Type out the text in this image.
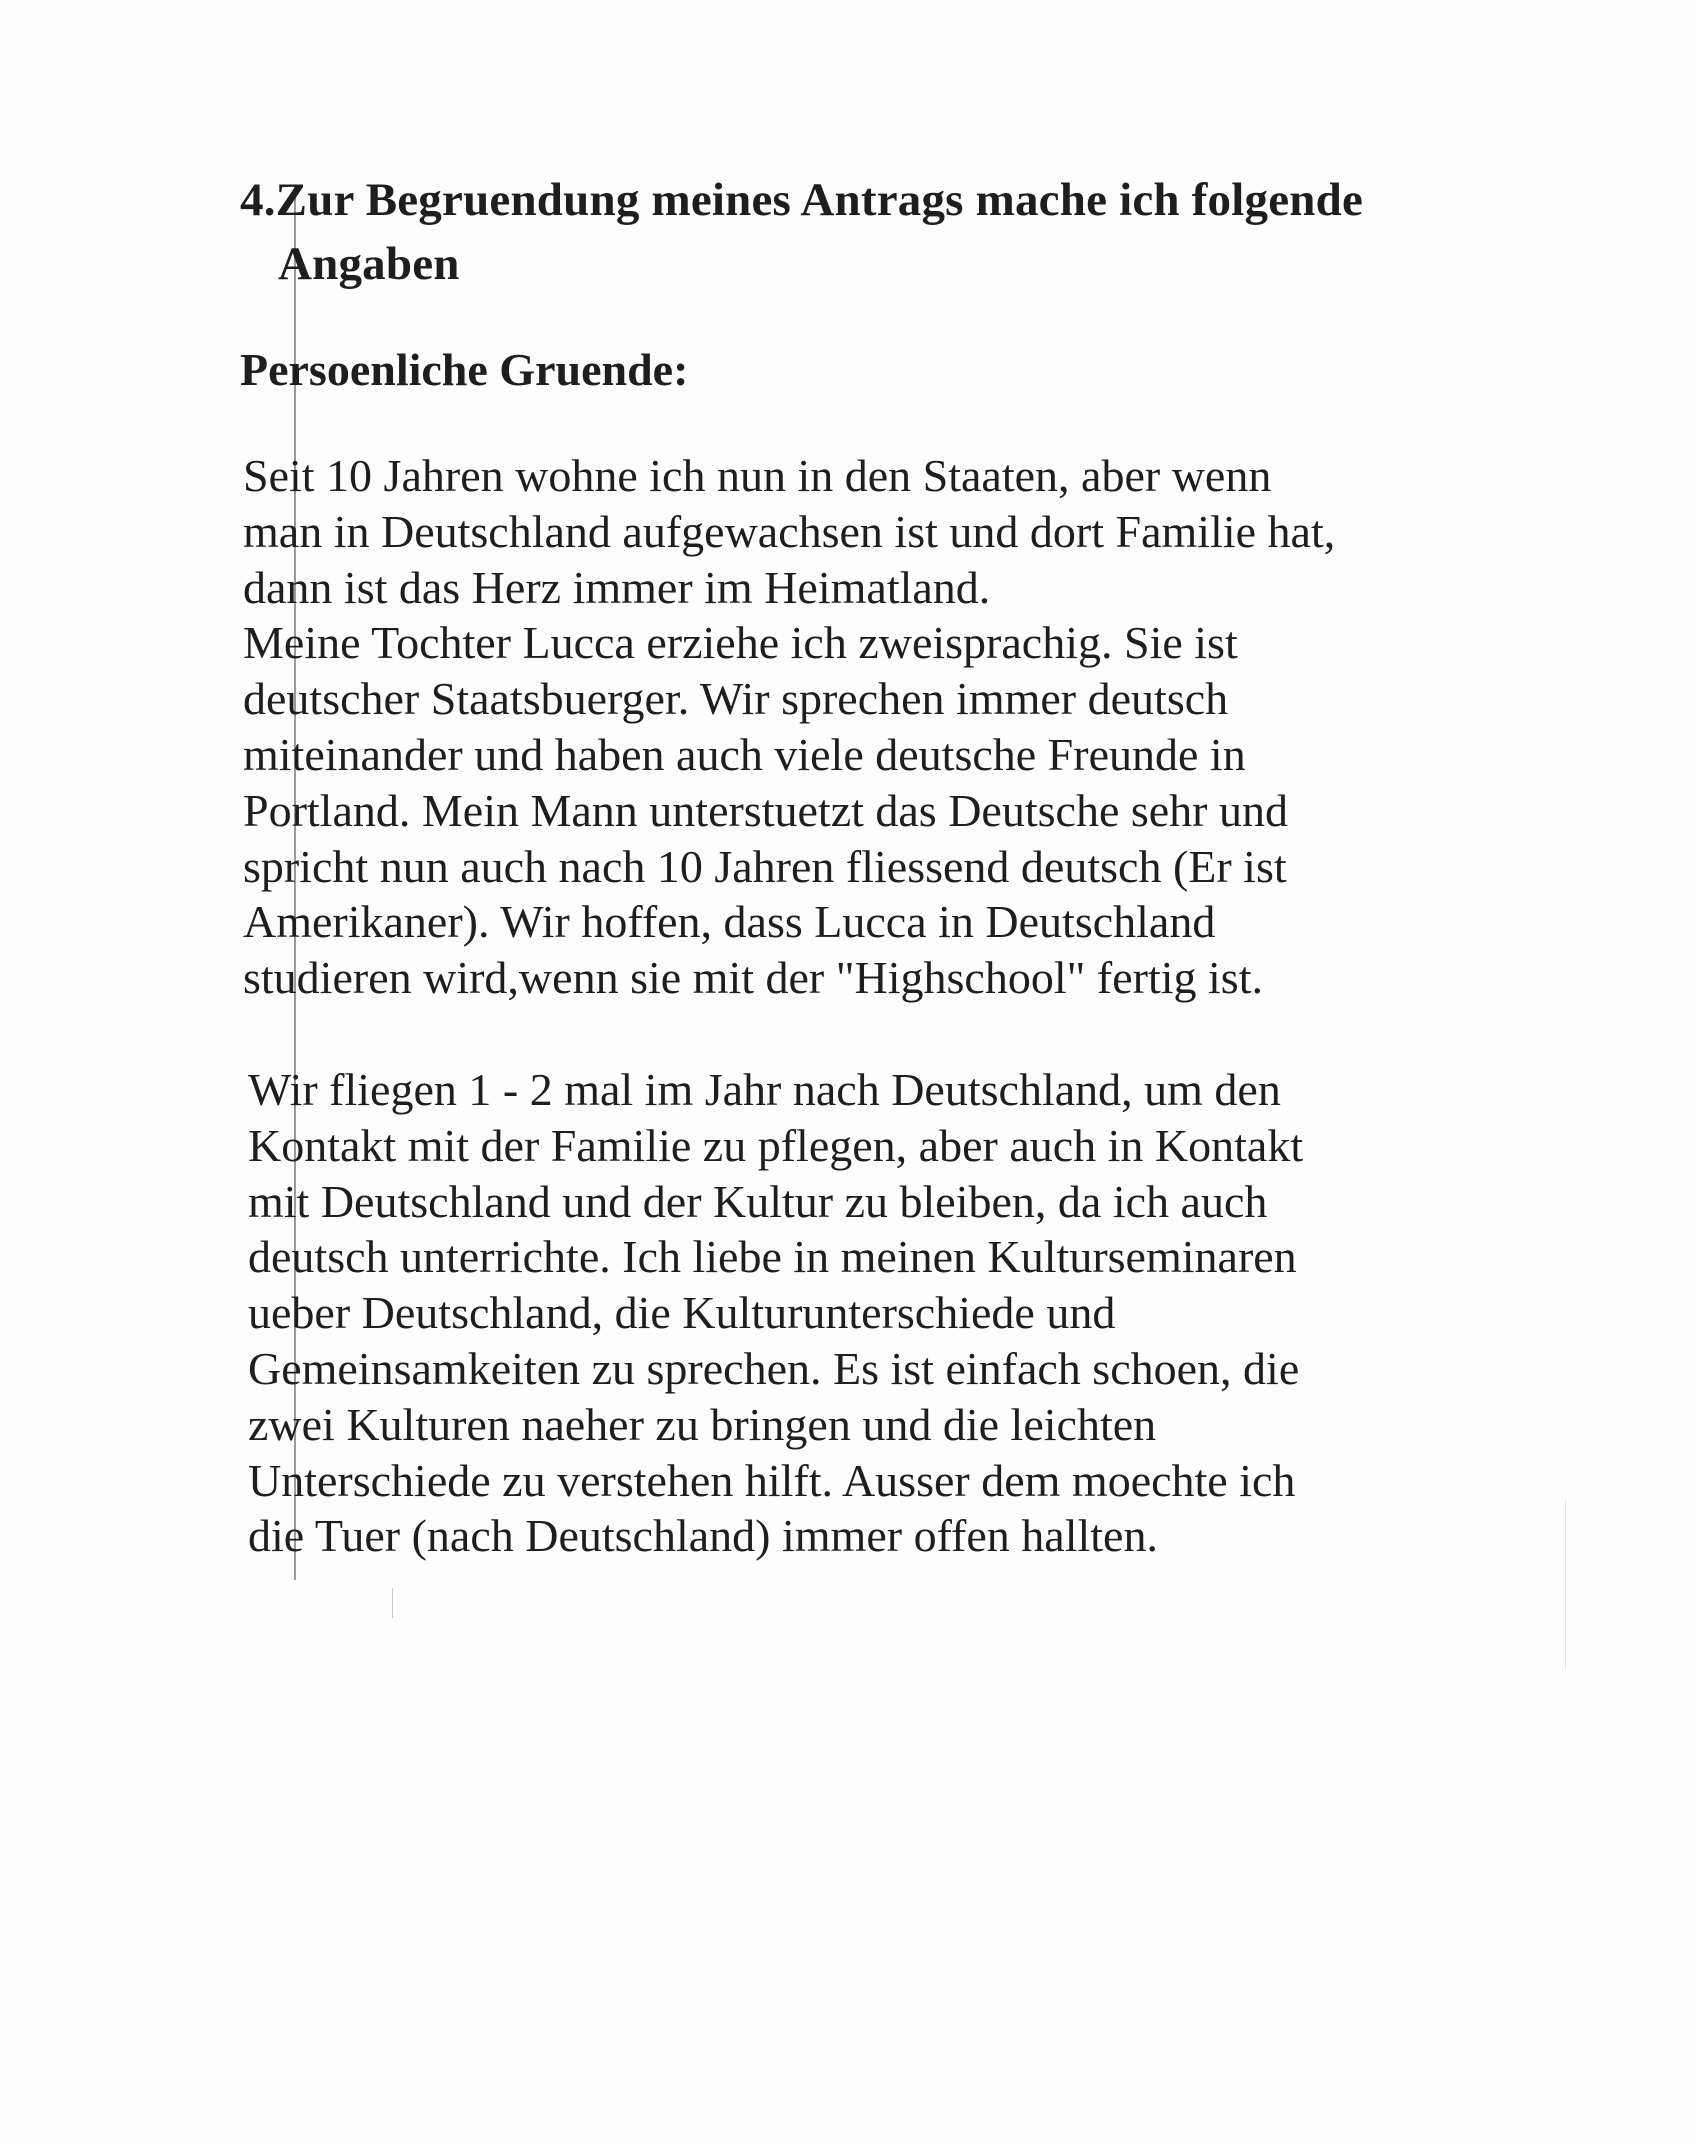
4.Zur Begruendung meines Antrags mache ich folgende
Angaben
Persoenliche Gruende:
Seit 10 Jahren wohne ich nun in den Staaten, aber wenn
man in Deutschland aufgewachsen ist und dort Familie hat,
dann ist das Herz immer im Heimatland.
Meine Tochter Lucca erziehe ich zweisprachig. Sie ist
deutscher Staatsbuerger. Wir sprechen immer deutsch
miteinander und haben auch viele deutsche Freunde in
Portland. Mein Mann unterstuetzt das Deutsche sehr und
spricht nun auch nach 10 Jahren fliessend deutsch (Er ist
Amerikaner). Wir hoffen, dass Lucca in Deutschland
studieren wird,wenn sie mit der "Highschool" fertig ist.
Wir fliegen 1 - 2 mal im Jahr nach Deutschland, um den
Kontakt mit der Familie zu pflegen, aber auch in Kontakt
mit Deutschland und der Kultur zu bleiben, da ich auch
deutsch unterrichte. Ich liebe in meinen Kulturseminaren
ueber Deutschland, die Kulturunterschiede und
Gemeinsamkeiten zu sprechen. Es ist einfach schoen, die
zwei Kulturen naeher zu bringen und die leichten
Unterschiede zu verstehen hilft. Ausser dem moechte ich
die Tuer (nach Deutschland) immer offen hallten.
